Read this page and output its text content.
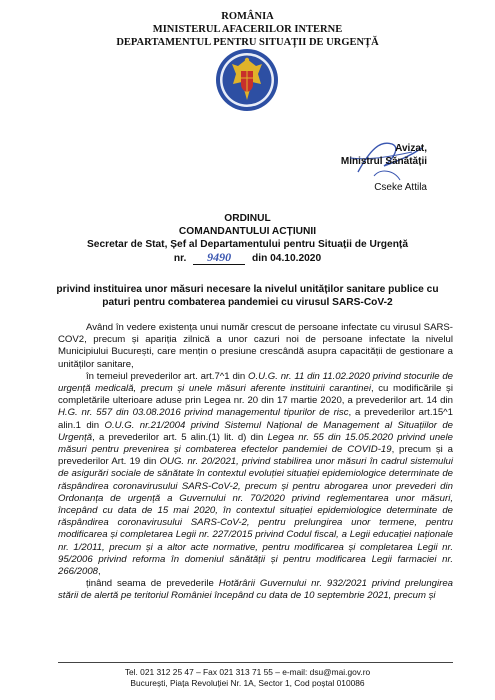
ROMÂNIA
MINISTERUL AFACERILOR INTERNE
DEPARTAMENTUL PENTRU SITUAȚII DE URGENȚĂ
Avizat,
Ministrul Sănătății
Cseke Attila
ORDINUL
COMANDANTULUI ACȚIUNII
Secretar de Stat, Șef al Departamentului pentru Situații de Urgență
nr. 9490 din 04.10.2020
privind instituirea unor măsuri necesare la nivelul unităților sanitare publice cu
paturi pentru combaterea pandemiei cu virusul SARS-CoV-2

Având în vedere existența unui număr crescut de persoane infectate cu virusul SARS-COV2, precum și apariția zilnică a unor cazuri noi de persoane infectate la nivelul Municipiului București, care mențin o presiune crescândă asupra capacității de gestionare a unităților sanitare,

în temeiul prevederilor art. art.7^1 din O.U.G. nr. 11 din 11.02.2020 privind stocurile de urgență medicală, precum și unele măsuri aferente instituirii carantinei, cu modificările și completările ulterioare aduse prin Legea nr. 20 din 17 martie 2020, a prevederilor art. 14 din H.G. nr. 557 din 03.08.2016 privind managementul tipurilor de risc, a prevederilor art.15^1 alin.1 din O.U.G. nr.21/2004 privind Sistemul Național de Management al Situațiilor de Urgență, a prevederilor art. 5 alin.(1) lit. d) din Legea nr. 55 din 15.05.2020 privind unele măsuri pentru prevenirea și combaterea efectelor pandemiei de COVID-19, precum și a prevederilor Art. 19 din OUG. nr. 20/2021, privind stabilirea unor măsuri în cadrul sistemului de asigurări sociale de sănătate în contextul evoluției situației epidemiologice determinate de răspândirea coronavirusului SARS-CoV-2, precum și pentru abrogarea unor prevederi din Ordonanța de urgență a Guvernului nr. 70/2020 privind reglementarea unor măsuri, începând cu data de 15 mai 2020, în contextul situației epidemiologice determinate de răspândirea coronavirusului SARS-CoV-2, pentru prelungirea unor termene, pentru modificarea și completarea Legii nr. 227/2015 privind Codul fiscal, a Legii educației naționale nr. 1/2011, precum și a altor acte normative, pentru modificarea și completarea Legii nr. 95/2006 privind reforma în domeniul sănătății și pentru modificarea Legii farmaciei nr. 266/2008,

ținând seama de prevederile Hotărârii Guvernului nr. 932/2021 privind prelungirea stării de alertă pe teritoriul României începând cu data de 10 septembrie 2021, precum și

Tel. 021 312 25 47 – Fax 021 313 71 55 – e-mail: dsu@mai.gov.ro
București, Piața Revoluției Nr. 1A, Sector 1, Cod poștal 010086
